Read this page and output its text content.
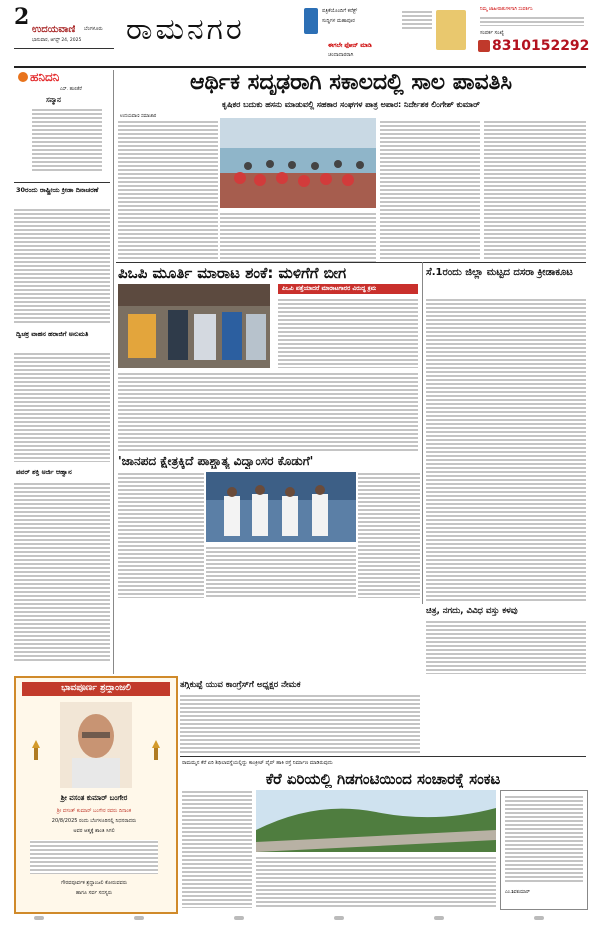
2 ಉದಯವಾಣಿ ಬೆಂಗಳೂರು
ಭಾನುವಾರ, ಆಗಸ್ಟ್ 24, 2025 ರಾಮನಗರ
ಪತ್ರಿಕೆಯೊಂದಿಗೆ ಕನೆಕ್ಟ್
ಸುದ್ದಿಗಳ ಮಹಾಪೂರ
ಈಗಲೇ ಫೋನ್ ಮಾಡಿ
ಚಂದಾದಾರರಾಗಿ
ನಿಮ್ಮ ಜಾಹೀರಾತುಗಳಿಗಾಗಿ ಸಂಪರ್ಕಿಸಿ
ಸಂಪರ್ಕ ಸಂಖ್ಯೆ
8310152292
ಹನಿದನಿ
ಎಸ್. ಹುಲಿಕೆರೆ
ಸನ್ಮಾನ
30ರಂದು ರಾಷ್ಟ್ರೀಯ ಕ್ರೀಡಾ ದಿನಾಚರಣೆ
ದ್ವಿಚಕ್ರ ವಾಹನ ಹರಾಜಿಗೆ ಅನುಮತಿ
ಪವರ್ ಶಕ್ತಿ ಅರ್ಜಿ ಆಹ್ವಾನ
ಆರ್ಥಿಕ ಸದೃಢರಾಗಿ ಸಕಾಲದಲ್ಲಿ ಸಾಲ ಪಾವತಿಸಿ
ಕೃಷಿಕರ ಬದುಕು ಹಸನು ಮಾಡುವಲ್ಲಿ ಸಹಕಾರ ಸಂಘಗಳ ಪಾತ್ರ ಅಪಾರ: ನಿರ್ದೇಶಕ ಲಿಂಗೇಶ್ ಕುಮಾರ್
ಉದಯವಾಣಿ ಸಮಾಚಾರ
ಪಿಒಪಿ ಮೂರ್ತಿ ಮಾರಾಟ ಶಂಕೆ: ಮಳಿಗೆಗೆ ಬೀಗ
ಪಿಒಪಿ ಪತ್ತೆಯಾದರೆ ಮಾರಾಟಗಾರರ ವಿರುದ್ಧ ಕ್ರಮ
ಸೆ.1ರಂದು ಜಿಲ್ಲಾ ಮಟ್ಟದ ದಸರಾ ಕ್ರೀಡಾಕೂಟ
'ಜಾನಪದ ಕ್ಷೇತ್ರಕ್ಕಿದೆ ಪಾಶ್ಚಾತ್ಯ ವಿದ್ವಾಂಸರ ಕೊಡುಗೆ'
ಚಿತ್ರ, ನಗದು, ವಿವಿಧ ವಸ್ತು ಕಳವು
ಭಾವಪೂರ್ಣ ಶ್ರದ್ಧಾಂಜಲಿ
ಶ್ರೀ ವಸಂತ ಕುಮಾರ್ ಬಂಗೇರ
ಶ್ರೀ ವಸಂತ್ ಕುಮಾರ್ ಬಂಗೇರ ರವರು ದಿನಾಂಕ
20/8/2025 ರಂದು ಬೆಂಗಳೂರಿನಲ್ಲಿ ನಿಧನರಾದರು
ಅವರ ಆತ್ಮಕ್ಕೆ ಶಾಂತಿ ಸಿಗಲಿ
ಗೌರವಪೂರ್ವಕ ಶ್ರದ್ಧಾಂಜಲಿ ಕೋರುವವರು
ಹಾಗೂ ಸರ್ವ ಸದಸ್ಯರು
ತಗ್ಗಿಕುಪ್ಪೆ ಯುವ ಕಾಂಗ್ರೆಸ್‌ಗೆ ಅಧ್ಯಕ್ಷರ ನೇಮಕ
ರಾಮಮ್ಮನ ಕೆರೆ ಏರಿ ಶಿಥಿಲಾವಸ್ಥೆಯಲ್ಲಿದ್ದು ಕಾಂಕ್ರೀಟ್ ಪೈಪ್ ಹಾಕಿ ರಸ್ತೆ ನಿರ್ಮಾಣ ಮಾಡಿರುವುದು
ಕೆರೆ ಏರಿಯಲ್ಲಿ ಗಿಡಗಂಟಿಯಿಂದ ಸಂಚಾರಕ್ಕೆ ಸಂಕಟ
ಎಂ.ಶಿವಕುಮಾರ್
